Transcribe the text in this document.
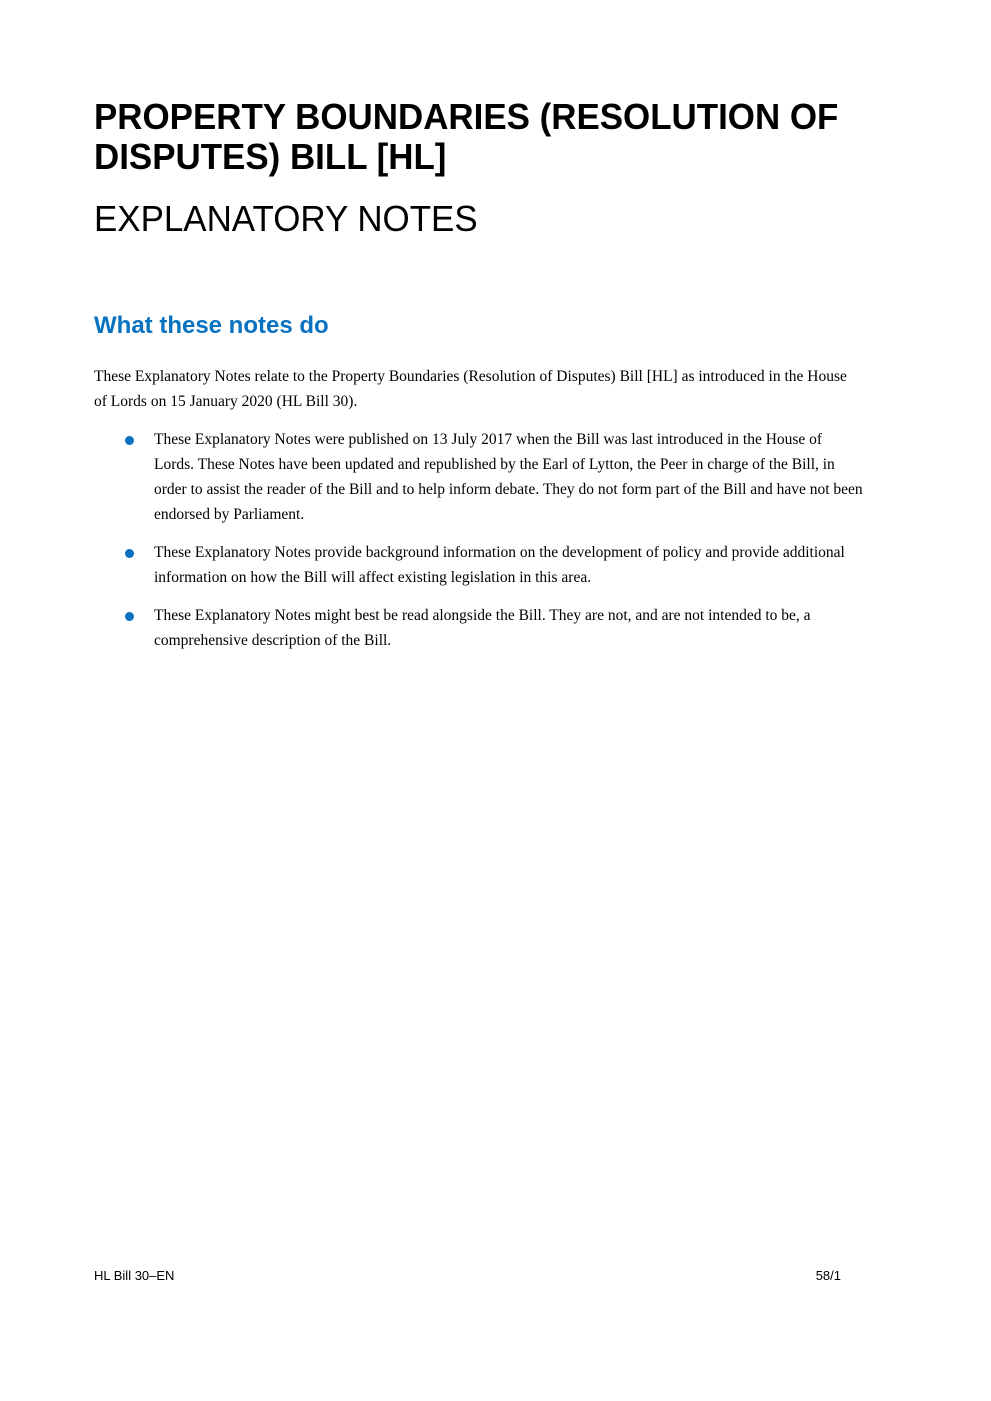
PROPERTY BOUNDARIES (RESOLUTION OF DISPUTES) BILL [HL]
EXPLANATORY NOTES
What these notes do

These Explanatory Notes relate to the Property Boundaries (Resolution of Disputes) Bill [HL] as introduced in the House of Lords on 15 January 2020 (HL Bill 30).

These Explanatory Notes were published on 13 July 2017 when the Bill was last introduced in the House of Lords. These Notes have been updated and republished by the Earl of Lytton, the Peer in charge of the Bill, in order to assist the reader of the Bill and to help inform debate. They do not form part of the Bill and have not been endorsed by Parliament.
These Explanatory Notes provide background information on the development of policy and provide additional information on how the Bill will affect existing legislation in this area.
These Explanatory Notes might best be read alongside the Bill. They are not, and are not intended to be, a comprehensive description of the Bill.
HL Bill 30–EN	58/1
